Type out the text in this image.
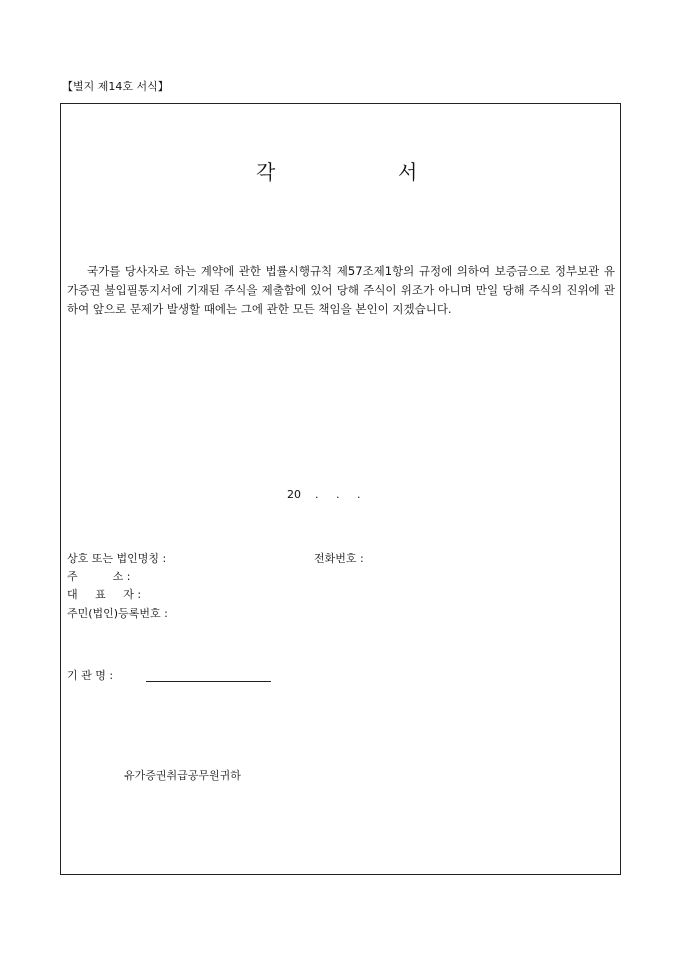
【별지 제14호 서식】
각	서

국가를 당사자로 하는 계약에 관한 법률시행규칙 제57조제1항의 규정에 의하여 보증금으로 정부보관 유가증권 불입필통지서에 기재된 주식을 제출함에 있어 당해 주식이 위조가 아니며 만일 당해 주식의 진위에 관하여 앞으로 문제가 발생할 때에는 그에 관한 모든 책임을 본인이 지겠습니다.

20    .     .     .
상호 또는 법인명칭 :	전화번호 :
주          소 :
대     표     자 :
주민(법인)등록번호 :
기 관 명 :
유가증권취급공무원귀하
